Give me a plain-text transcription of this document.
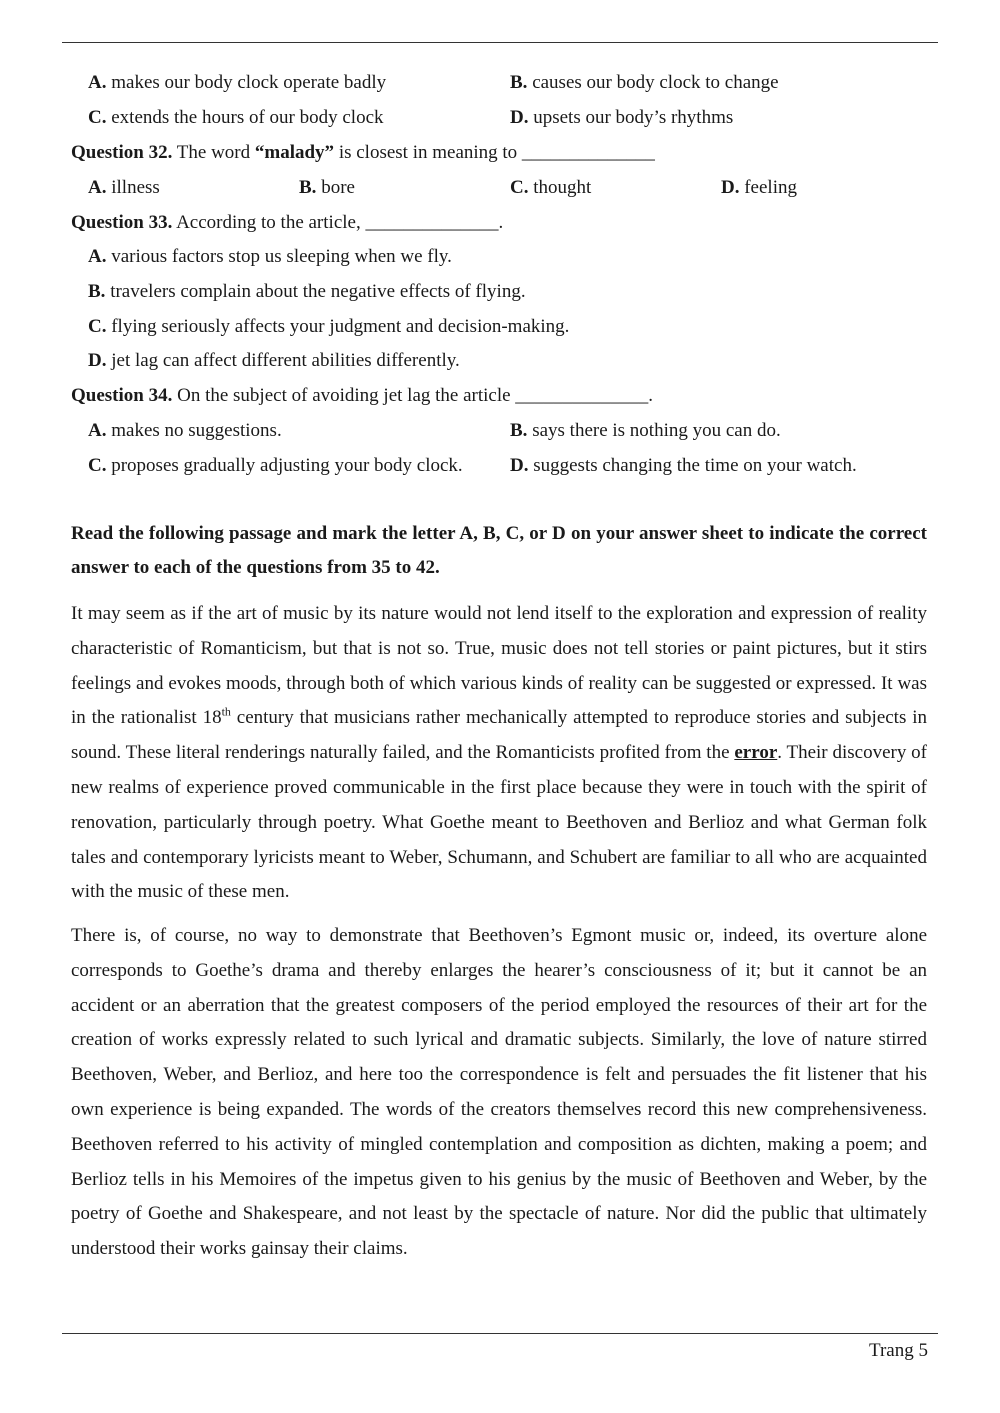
A. makes our body clock operate badly	B. causes our body clock to change
C. extends the hours of our body clock	D. upsets our body’s rhythms
Question 32. The word “malady” is closest in meaning to ______________
A. illness	B. bore	C. thought	D. feeling
Question 33. According to the article, ______________.
A. various factors stop us sleeping when we fly.
B. travelers complain about the negative effects of flying.
C. flying seriously affects your judgment and decision-making.
D. jet lag can affect different abilities differently.
Question 34. On the subject of avoiding jet lag the article ______________.
A. makes no suggestions.	B. says there is nothing you can do.
C. proposes gradually adjusting your body clock. D. suggests changing the time on your watch.
Read the following passage and mark the letter A, B, C, or D on your answer sheet to indicate the correct answer to each of the questions from 35 to 42.
It may seem as if the art of music by its nature would not lend itself to the exploration and expression of reality characteristic of Romanticism, but that is not so. True, music does not tell stories or paint pictures, but it stirs feelings and evokes moods, through both of which various kinds of reality can be suggested or expressed. It was in the rationalist 18th century that musicians rather mechanically attempted to reproduce stories and subjects in sound. These literal renderings naturally failed, and the Romanticists profited from the error. Their discovery of new realms of experience proved communicable in the first place because they were in touch with the spirit of renovation, particularly through poetry. What Goethe meant to Beethoven and Berlioz and what German folk tales and contemporary lyricists meant to Weber, Schumann, and Schubert are familiar to all who are acquainted with the music of these men.
There is, of course, no way to demonstrate that Beethoven’s Egmont music or, indeed, its overture alone corresponds to Goethe’s drama and thereby enlarges the hearer’s consciousness of it; but it cannot be an accident or an aberration that the greatest composers of the period employed the resources of their art for the creation of works expressly related to such lyrical and dramatic subjects. Similarly, the love of nature stirred Beethoven, Weber, and Berlioz, and here too the correspondence is felt and persuades the fit listener that his own experience is being expanded. The words of the creators themselves record this new comprehensiveness. Beethoven referred to his activity of mingled contemplation and composition as dichten, making a poem; and Berlioz tells in his Memoires of the impetus given to his genius by the music of Beethoven and Weber, by the poetry of Goethe and Shakespeare, and not least by the spectacle of nature. Nor did the public that ultimately understood their works gainsay their claims.
Trang 5
